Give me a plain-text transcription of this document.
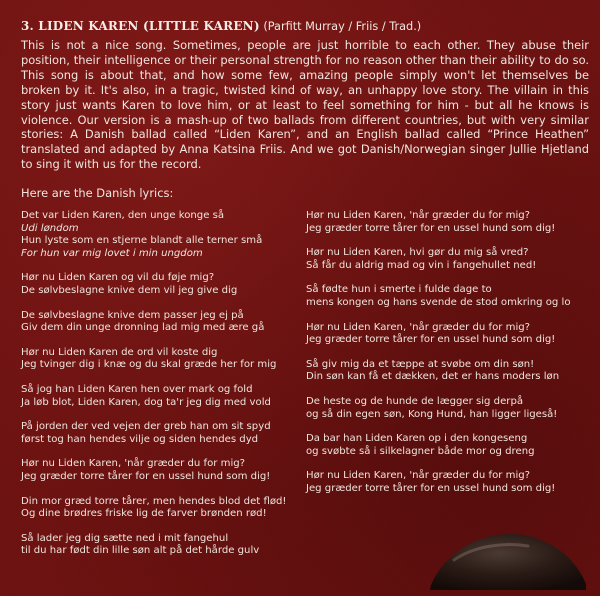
3. LIDEN KAREN (LITTLE KAREN) (Parfitt Murray / Friis / Trad.)

This is not a nice song. Sometimes, people are just horrible to each other. They abuse their position, their intelligence or their personal strength for no reason other than their ability to do so. This song is about that, and how some few, amazing people simply won't let themselves be broken by it. It's also, in a tragic, twisted kind of way, an unhappy love story. The villain in this story just wants Karen to love him, or at least to feel something for him - but all he knows is violence. Our version is a mash-up of two ballads from different countries, but with very similar stories: A Danish ballad called “Liden Karen”, and an English ballad called “Prince Heathen” translated and adapted by Anna Katsina Friis. And we got Danish/Norwegian singer Jullie Hjetland to sing it with us for the record.

Here are the Danish lyrics:
Det var Liden Karen, den unge konge så
Udi løndom
Hun lyste som en stjerne blandt alle terner små
For hun var mig lovet i min ungdom
Hør nu Liden Karen og vil du føje mig?
De sølvbeslagne knive dem vil jeg give dig
De sølvbeslagne knive dem passer jeg ej på
Giv dem din unge dronning lad mig med ære gå
Hør nu Liden Karen de ord vil koste dig
Jeg tvinger dig i knæ og du skal græde her for mig
Så jog han Liden Karen hen over mark og fold
Ja løb blot, Liden Karen, dog ta'r jeg dig med vold
På jorden der ved vejen der greb han om sit spyd
først tog han hendes vilje og siden hendes dyd
Hør nu Liden Karen, 'når græder du for mig?
Jeg græder torre tårer for en ussel hund som dig!
Din mor græd torre tårer, men hendes blod det flød!
Og dine brødres friske lig de farver brønden rød!
Så lader jeg dig sætte ned i mit fangehul
til du har født din lille søn alt på det hårde gulv
Hør nu Liden Karen, 'når græder du for mig?
Jeg græder torre tårer for en ussel hund som dig!
Hør nu Liden Karen, hvi gør du mig så vred?
Så får du aldrig mad og vin i fangehullet ned!
Så fødte hun i smerte i fulde dage to
mens kongen og hans svende de stod omkring og lo
Hør nu Liden Karen, 'når græder du for mig?
Jeg græder torre tårer for en ussel hund som dig!
Så giv mig da et tæppe at svøbe om din søn!
Din søn kan få et dækken, det er hans moders løn
De heste og de hunde de lægger sig derpå
og så din egen søn, Kong Hund, han ligger ligeså!
Da bar han Liden Karen op i den kongeseng
og svøbte så i silkelagner både mor og dreng
Hør nu Liden Karen, 'når græder du for mig?
Jeg græder torre tårer for en ussel hund som dig!
